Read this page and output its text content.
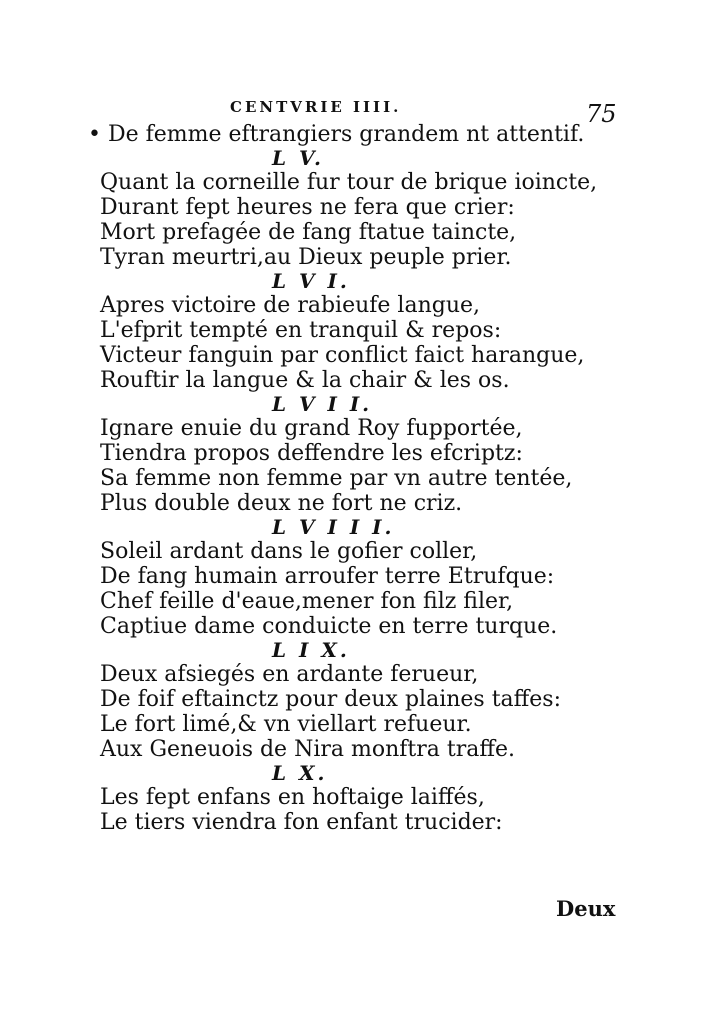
CENTVRIE IIII.	75
• De femme eftrangiers grandem nt attentif.
L V.
Quant la corneille fur tour de brique ioincte,
Durant fept heures ne fera que crier:
Mort prefagée de fang ftatue taincte,
Tyran meurtri,au Dieux peuple prier.
L V I.
Apres victoire de rabieufe langue,
L'efprit tempté en tranquil & repos:
Victeur fanguin par conflict faict harangue,
Rouftir la langue & la chair & les os.
L V I I.
Ignare enuie du grand Roy fupportée,
Tiendra propos deffendre les efcriptz:
Sa femme non femme par vn autre tentée,
Plus double deux ne fort ne criz.
L V I I I.
Soleil ardant dans le gofier coller,
De fang humain arroufer terre Etrufque:
Chef feille d'eaue,mener fon filz filer,
Captiue dame conduicte en terre turque.
L I X.
Deux afsiegés en ardante ferueur,
De foif eftainctz pour deux plaines taffes:
Le fort limé,& vn viellart refueur.
Aux Geneuois de Nira monftra traffe.
L X.
Les fept enfans en hoftaige laiffés,
Le tiers viendra fon enfant trucider:
Deux
